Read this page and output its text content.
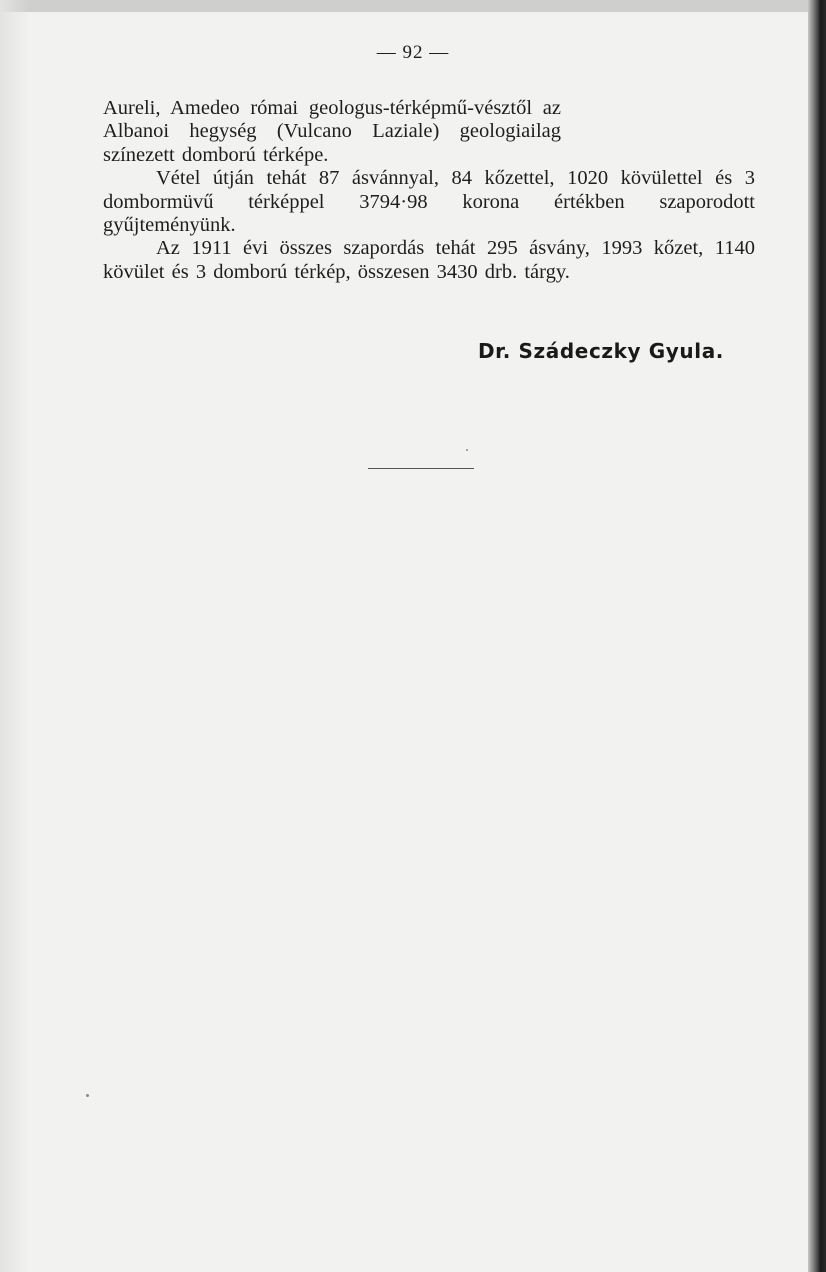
— 92 —

Aureli, Amedeo római geologus-térképmű-vésztől az Albanoi hegység (Vulcano Laziale) geologiailag színezett domború térképe.

Vétel útján tehát 87 ásvánnyal, 84 kőzettel, 1020 kövülettel és 3 dombormüvű térképpel 3794·98 korona értékben szaporodott gyűjteményünk.

Az 1911 évi összes szapordás tehát 295 ásvány, 1993 kőzet, 1140 kövület és 3 domború térkép, összesen 3430 drb. tárgy.

Dr. Szádeczky Gyula.
